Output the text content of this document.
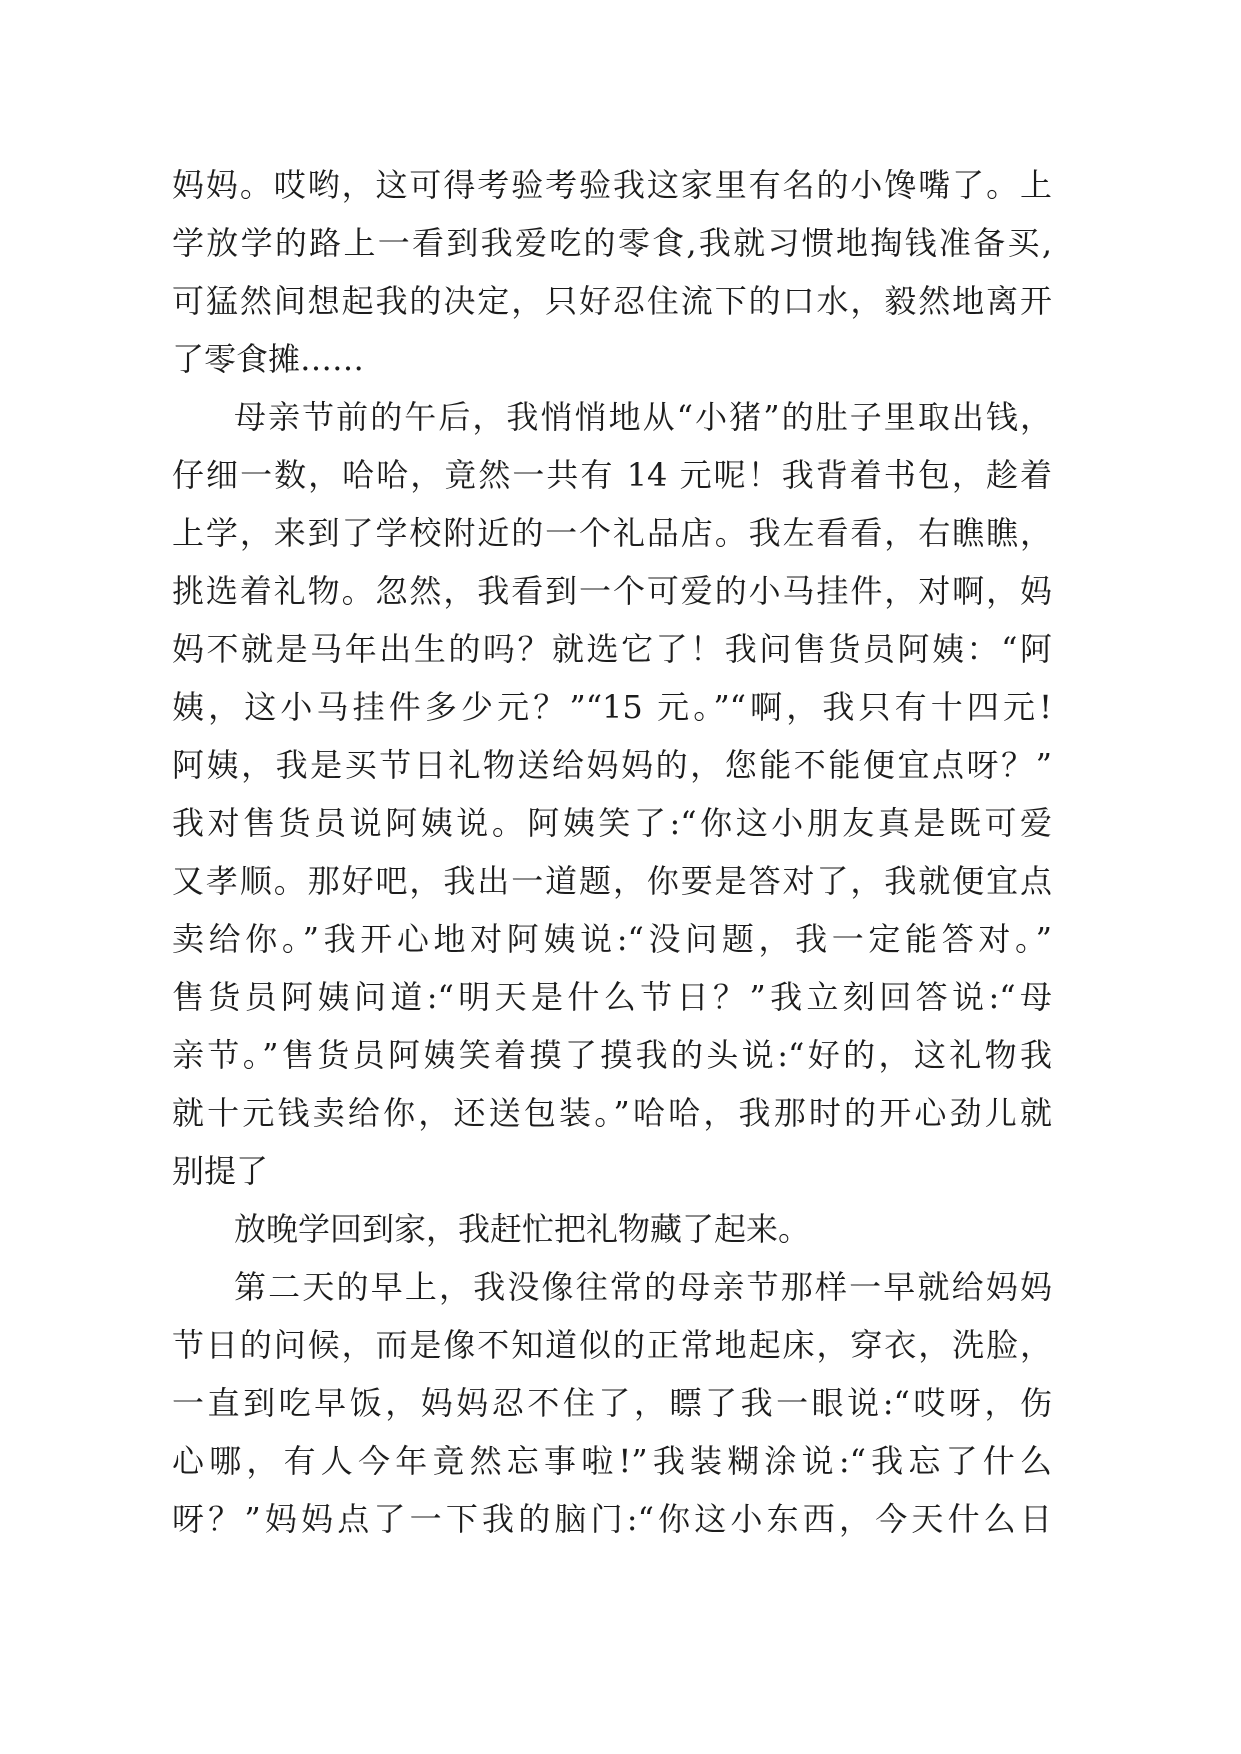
妈妈。哎哟，这可得考验考验我这家里有名的小馋嘴了。上
学放学的路上一看到我爱吃的零食,我就习惯地掏钱准备买,
可猛然间想起我的决定，只好忍住流下的口水，毅然地离开
了零食摊……
母亲节前的午后，我悄悄地从“小猪”的肚子里取出钱，
仔细一数，哈哈，竟然一共有 14 元呢！我背着书包，趁着
上学，来到了学校附近的一个礼品店。我左看看，右瞧瞧，
挑选着礼物。忽然，我看到一个可爱的小马挂件，对啊，妈
妈不就是马年出生的吗？就选它了！我问售货员阿姨：“阿
姨，这小马挂件多少元？”“15 元。”“啊，我只有十四元!
阿姨，我是买节日礼物送给妈妈的，您能不能便宜点呀？”
我对售货员说阿姨说。阿姨笑了:“你这小朋友真是既可爱
又孝顺。那好吧，我出一道题，你要是答对了，我就便宜点
卖给你。”我开心地对阿姨说:“没问题，我一定能答对。”
售货员阿姨问道:“明天是什么节日？”我立刻回答说:“母
亲节。”售货员阿姨笑着摸了摸我的头说:“好的，这礼物我
就十元钱卖给你，还送包装。”哈哈，我那时的开心劲儿就
别提了
放晚学回到家，我赶忙把礼物藏了起来。
第二天的早上，我没像往常的母亲节那样一早就给妈妈
节日的问候，而是像不知道似的正常地起床，穿衣，洗脸，
一直到吃早饭，妈妈忍不住了，瞟了我一眼说:“哎呀，伤
心哪，有人今年竟然忘事啦!”我装糊涂说:“我忘了什么
呀？”妈妈点了一下我的脑门:“你这小东西，今天什么日
